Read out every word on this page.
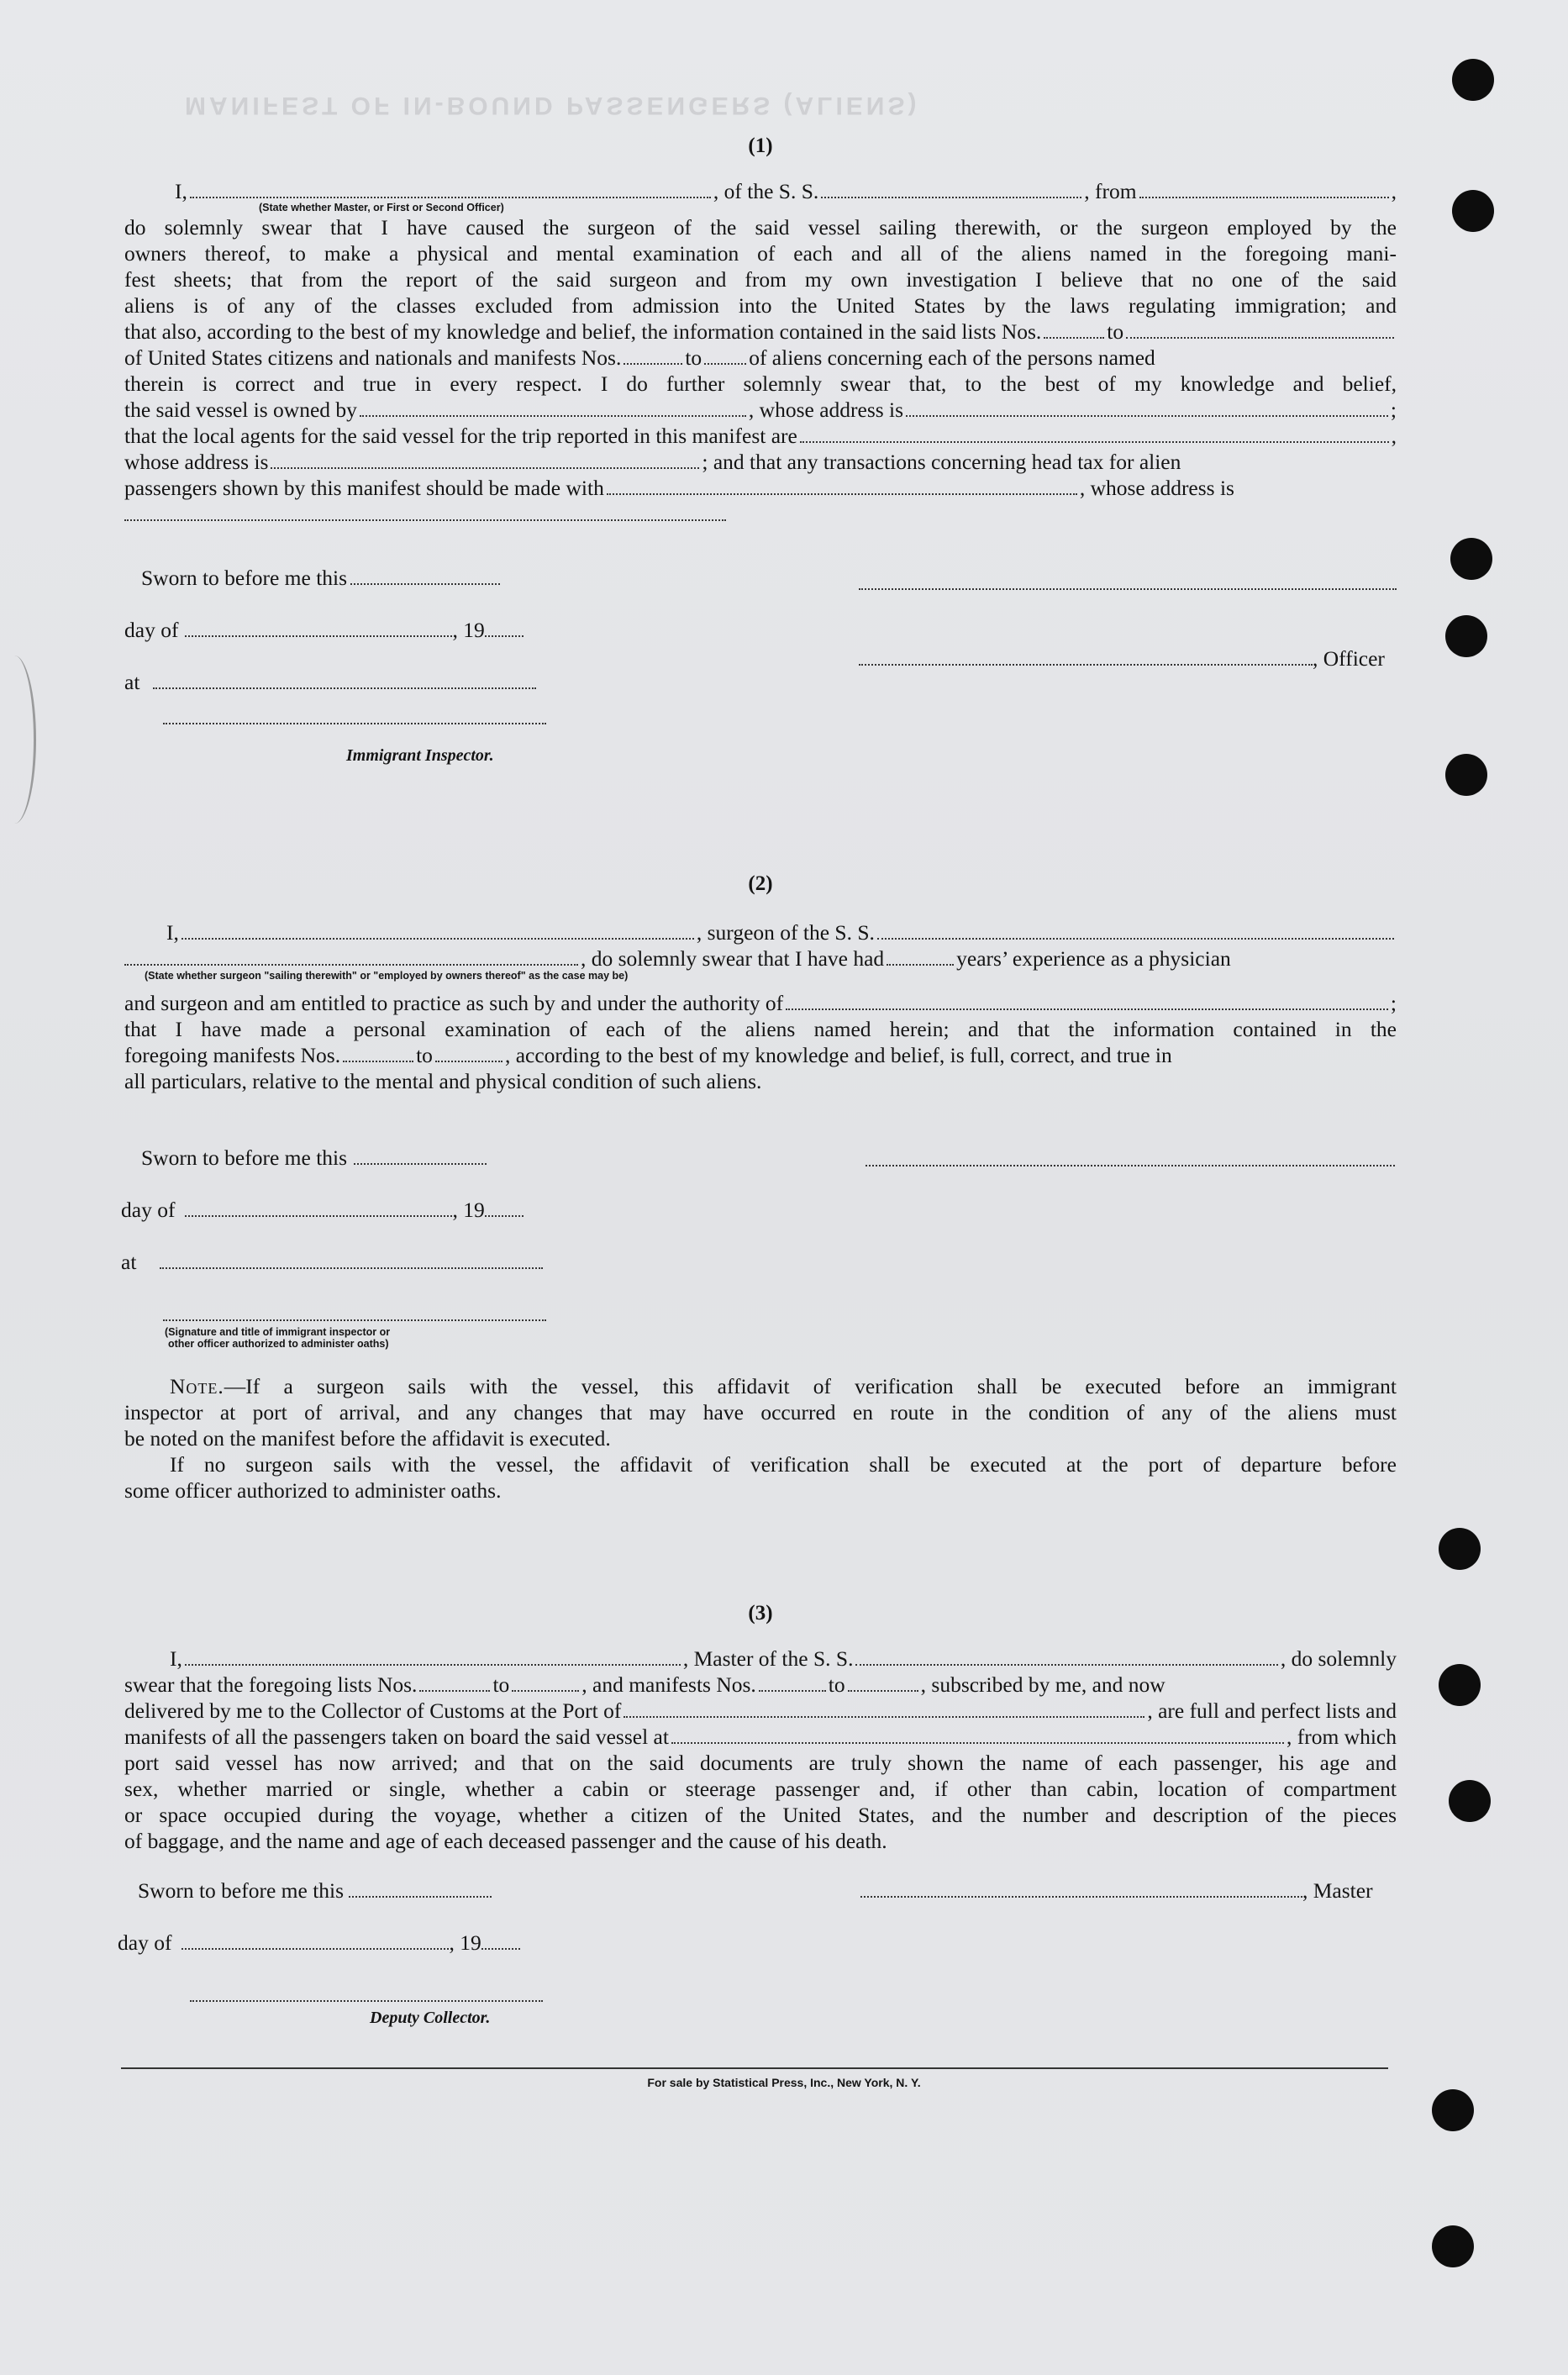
MANIFEST OF IN-BOUND PASSENGERS (ALIENS)

(1)

I,	, of the S. S.	, from	,
(State whether Master, or First or Second Officer)
do solemnly swear that I have caused the surgeon of the said vessel sailing therewith, or the surgeon employed by the
owners thereof, to make a physical and mental examination of each and all of the aliens named in the foregoing mani-
fest sheets; that from the report of the said surgeon and from my own investigation I believe that no one of the said
aliens is of any of the classes excluded from admission into the United States by the laws regulating immigration; and
that also, according to the best of my knowledge and belief, the information contained in the said lists Nos.	to
of United States citizens and nationals and manifests Nos.	to of aliens concerning each of the persons named
therein is correct and true in every respect. I do further solemnly swear that, to the best of my knowledge and belief,
the said vessel is owned by	, whose address is	;
that the local agents for the said vessel for the trip reported in this manifest are	,
whose address is	; and that any transactions concerning head tax for alien
passengers shown by this manifest should be made with	, whose address is
Sworn to before me this
day of	, 19
at
Immigrant Inspector.
, Officer

(2)

I,	, surgeon of the S. S.
, do solemnly swear that I have had	years’ experience as a physician
(State whether surgeon "sailing therewith" or "employed by owners thereof" as the case may be)
and surgeon and am entitled to practice as such by and under the authority of	;
that I have made a personal examination of each of the aliens named herein; and that the information contained in the
foregoing manifests Nos.	to	, according to the best of my knowledge and belief, is full, correct, and true in
all particulars, relative to the mental and physical condition of such aliens.
Sworn to before me this
day of	, 19
at
(Signature and title of immigrant inspector or
other officer authorized to administer oaths)
Note.—If a surgeon sails with the vessel, this affidavit of verification shall be executed before an immigrant
inspector at port of arrival, and any changes that may have occurred en route in the condition of any of the aliens must
be noted on the manifest before the affidavit is executed.
If no surgeon sails with the vessel, the affidavit of verification shall be executed at the port of departure before
some officer authorized to administer oaths.

(3)

I,	, Master of the S. S.	, do solemnly
swear that the foregoing lists Nos.	to	, and manifests Nos.	to	, subscribed by me, and now
delivered by me to the Collector of Customs at the Port of	, are full and perfect lists and
manifests of all the passengers taken on board the said vessel at	, from which
port said vessel has now arrived; and that on the said documents are truly shown the name of each passenger, his age and
sex, whether married or single, whether a cabin or steerage passenger and, if other than cabin, location of compartment
or space occupied during the voyage, whether a citizen of the United States, and the number and description of the pieces
of baggage, and the name and age of each deceased passenger and the cause of his death.
Sworn to before me this	, Master
day of	, 19
Deputy Collector.
For sale by Statistical Press, Inc., New York, N. Y.
